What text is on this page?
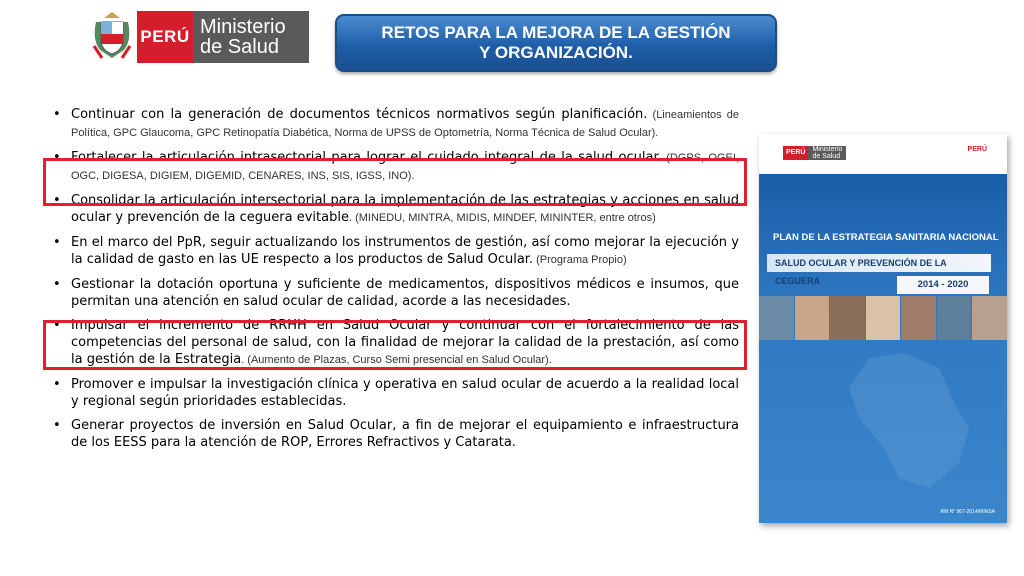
PERÚ Ministerio
de Salud
RETOS PARA LA MEJORA DE LA GESTIÓN
Y ORGANIZACIÓN.
• Continuar con la generación de documentos técnicos normativos según planificación. (Lineamientos de Política, GPC Glaucoma, GPC Retinopatía Diabética, Norma de UPSS de Optometría, Norma Técnica de Salud Ocular).
• Fortalecer la articulación intrasectorial para lograr el cuidado integral de la salud ocular. (DGPS, OGEI, OGC, DIGESA, DIGIEM, DIGEMID, CENARES, INS, SIS, IGSS, INO).
• Consolidar la articulación intersectorial para la implementación de las estrategias y acciones en salud ocular y prevención de la ceguera evitable. (MINEDU, MINTRA, MIDIS, MINDEF, MININTER, entre otros)
• En el marco del PpR, seguir actualizando los instrumentos de gestión, así como mejorar la ejecución y la calidad de gasto en las UE respecto a los productos de Salud Ocular. (Programa Propio)
• Gestionar la dotación oportuna y suficiente de medicamentos, dispositivos médicos e insumos, que permitan una atención en salud ocular de calidad, acorde a las necesidades.
• Impulsar el incremento de RRHH en Salud Ocular y continuar con el fortalecimiento de las competencias del personal de salud, con la finalidad de mejorar la calidad de la prestación, así como la gestión de la Estrategia. (Aumento de Plazas, Curso Semi presencial en Salud Ocular).
• Promover e impulsar la investigación clínica y operativa en salud ocular de acuerdo a la realidad local y regional según prioridades establecidas.
• Generar proyectos de inversión en Salud Ocular, a fin de mejorar el equipamiento e infraestructura de los EESS para la atención de ROP, Errores Refractivos y Catarata.
PERÚ	Ministerio
de Salud
PERÚ
PLAN DE LA ESTRATEGIA SANITARIA NACIONAL
SALUD OCULAR Y PREVENCIÓN DE LA CEGUERA	2014 - 2020
RM N° 907-2014/MINSA
